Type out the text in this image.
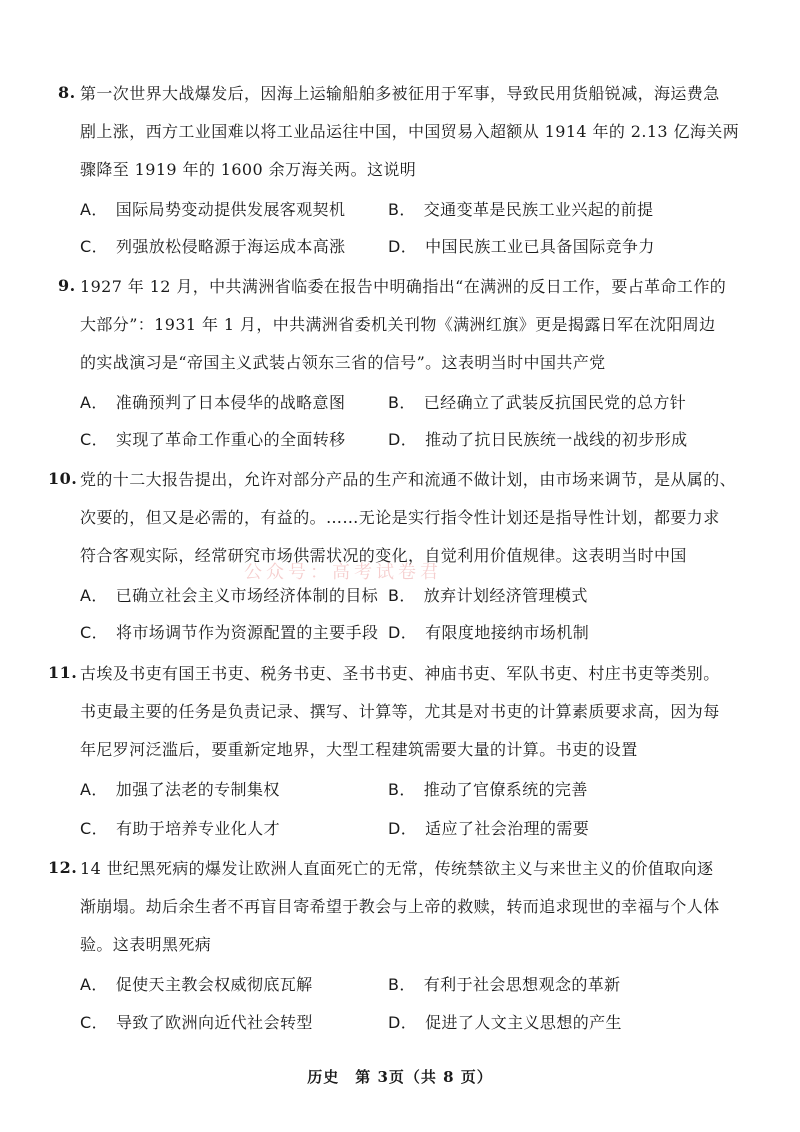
8. 第一次世界大战爆发后，因海上运输船舶多被征用于军事，导致民用货船锐减，海运费急
剧上涨，西方工业国难以将工业品运往中国，中国贸易入超额从 1914 年的 2.13 亿海关两
骤降至 1919 年的 1600 余万海关两。这说明
A． 国际局势变动提供发展客观契机	B． 交通变革是民族工业兴起的前提
C． 列强放松侵略源于海运成本高涨	D． 中国民族工业已具备国际竞争力
9. 1927 年 12 月，中共满洲省临委在报告中明确指出“在满洲的反日工作，要占革命工作的
大部分”：1931 年 1 月，中共满洲省委机关刊物《满洲红旗》更是揭露日军在沈阳周边
的实战演习是“帝国主义武装占领东三省的信号”。这表明当时中国共产党
A． 准确预判了日本侵华的战略意图	B． 已经确立了武装反抗国民党的总方针
C． 实现了革命工作重心的全面转移	D． 推动了抗日民族统一战线的初步形成
10. 党的十二大报告提出，允许对部分产品的生产和流通不做计划，由市场来调节，是从属的、
次要的，但又是必需的，有益的。……无论是实行指令性计划还是指导性计划，都要力求
符合客观实际，经常研究市场供需状况的变化，自觉利用价值规律。这表明当时中国
A． 已确立社会主义市场经济体制的目标 B． 放弃计划经济管理模式
C． 将市场调节作为资源配置的主要手段 D． 有限度地接纳市场机制
11. 古埃及书吏有国王书吏、税务书吏、圣书书吏、神庙书吏、军队书吏、村庄书吏等类别。
书吏最主要的任务是负责记录、撰写、计算等，尤其是对书吏的计算素质要求高，因为每
年尼罗河泛滥后，要重新定地界，大型工程建筑需要大量的计算。书吏的设置
A． 加强了法老的专制集权	B． 推动了官僚系统的完善
C． 有助于培养专业化人才	D． 适应了社会治理的需要
12. 14 世纪黑死病的爆发让欧洲人直面死亡的无常，传统禁欲主义与来世主义的价值取向逐
渐崩塌。劫后余生者不再盲目寄希望于教会与上帝的救赎，转而追求现世的幸福与个人体
验。这表明黑死病
A． 促使天主教会权威彻底瓦解	B． 有利于社会思想观念的革新
C． 导致了欧洲向近代社会转型	D． 促进了人文主义思想的产生
公众号：高考试卷君
历史　第 3页（共 8 页）
